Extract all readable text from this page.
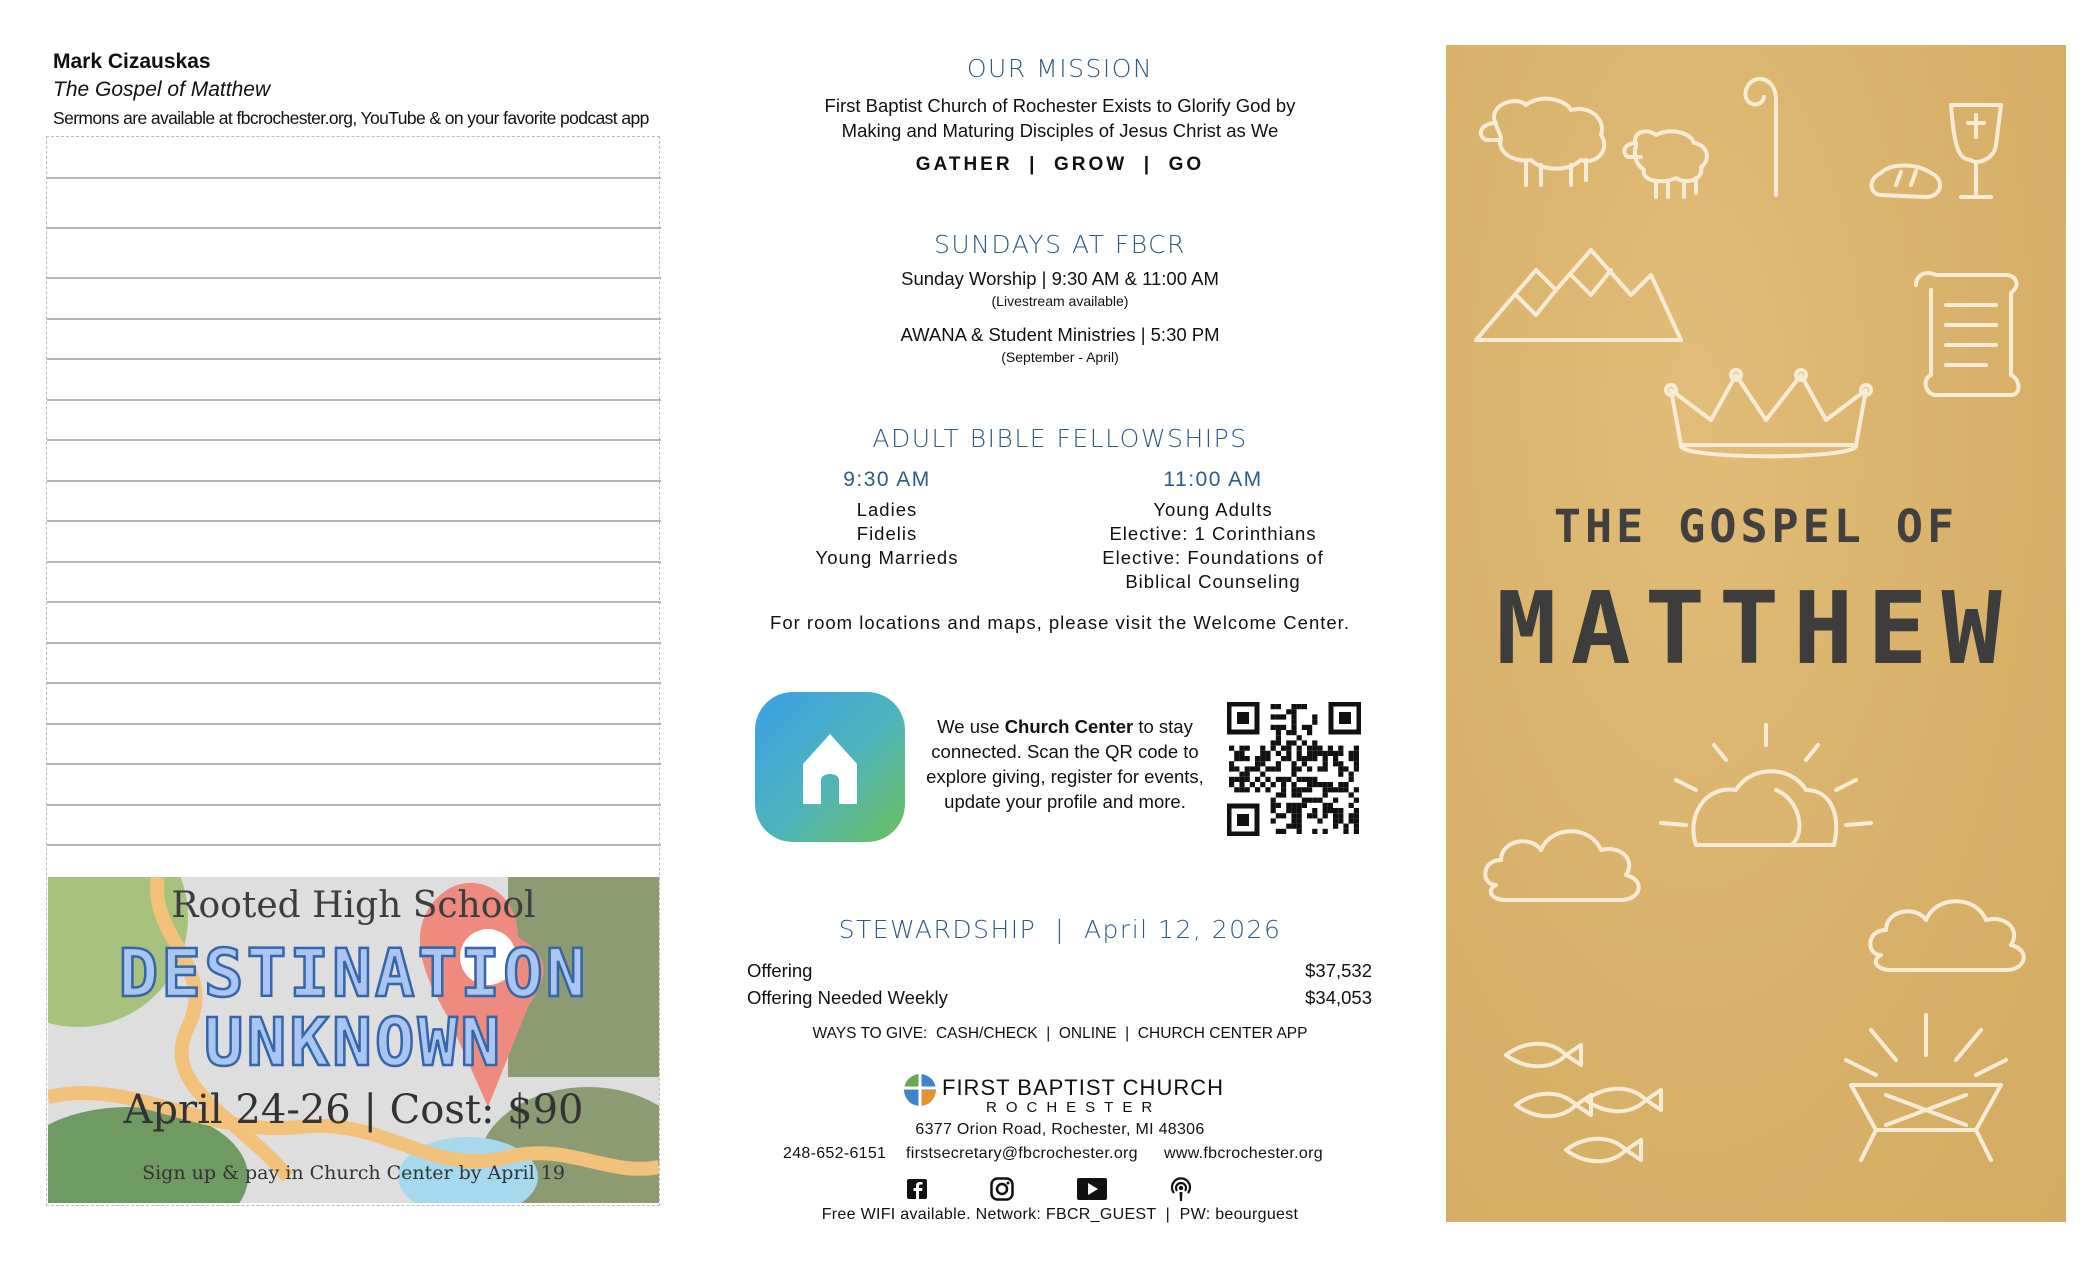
Mark Cizauskas
The Gospel of Matthew
Sermons are available at fbcrochester.org, YouTube & on your favorite podcast app
Rooted High School
DESTINATION
UNKNOWN
April 24-26 | Cost: $90
Sign up & pay in Church Center by April 19
OUR MISSION
First Baptist Church of Rochester Exists to Glorify God by
Making and Maturing Disciples of Jesus Christ as We
GATHER  |  GROW  |  GO
SUNDAYS AT FBCR
Sunday Worship | 9:30 AM & 11:00 AM
(Livestream available)
AWANA & Student Ministries | 5:30 PM
(September - April)
ADULT BIBLE FELLOWSHIPS
9:30 AM
Ladies
Fidelis
Young Marrieds
11:00 AM
Young Adults
Elective: 1 Corinthians
Elective: Foundations of
Biblical Counseling
For room locations and maps, please visit the Welcome Center.
We use Church Center to stay
connected. Scan the QR code to
explore giving, register for events,
update your profile and more.
STEWARDSHIP  |  April 12, 2026
Offering	$37,532
Offering Needed Weekly	$34,053
WAYS TO GIVE:  CASH/CHECK  |  ONLINE  |  CHURCH CENTER APP
FIRST BAPTIST CHURCH
ROCHESTER
6377 Orion Road, Rochester, MI 48306
248-652-6151 firstsecretary@fbcrochester.org www.fbcrochester.org
Free WIFI available. Network: FBCR_GUEST  |  PW: beourguest
THE GOSPEL OF
MATTHEW
